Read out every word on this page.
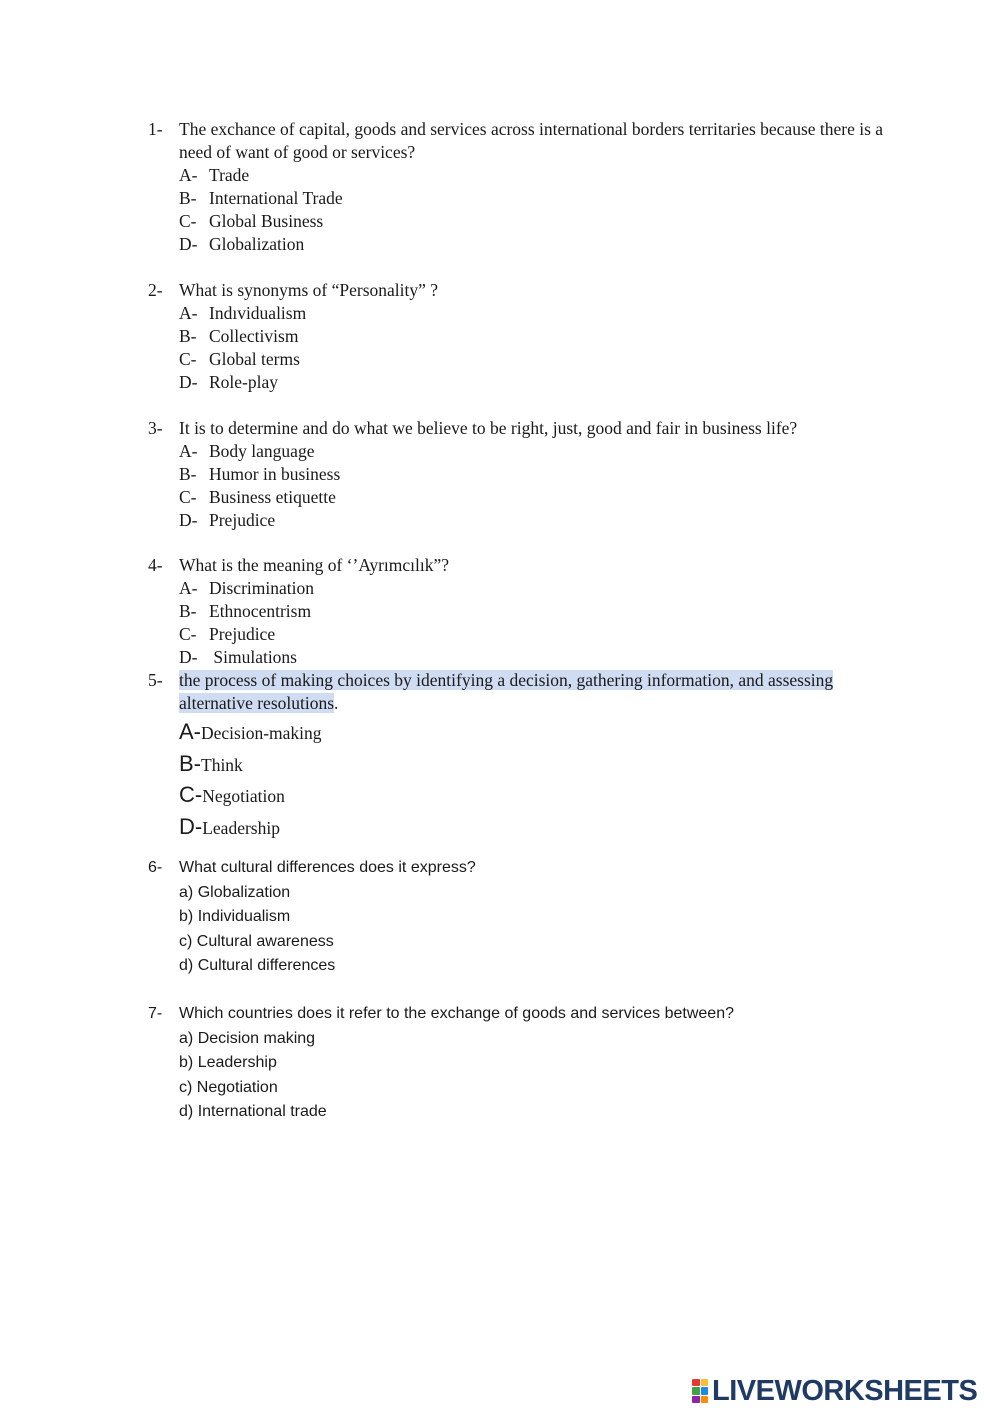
1- The exchance of capital, goods and services across international borders territaries because there is a need of want of good or services?
A- Trade
B- International Trade
C- Global Business
D- Globalization
2- What is synonyms of “Personality” ?
A- Indıvidualism
B- Collectivism
C- Global terms
D- Role-play
3- It is to determine and do what we believe to be right, just, good and fair in business life?
A- Body language
B- Humor in business
C- Business etiquette
D- Prejudice
4- What is the meaning of ‘’Ayrımcılık”?
A- Discrimination
B- Ethnocentrism
C- Prejudice
D- Simulations
5- the process of making choices by identifying a decision, gathering information, and assessing alternative resolutions.
A-Decision-making
B-Think
C-Negotiation
D-Leadership
6- What cultural differences does it express?
a) Globalization
b) Individualism
c) Cultural awareness
d) Cultural differences
7- Which countries does it refer to the exchange of goods and services between?
a) Decision making
b) Leadership
c) Negotiation
d) International trade
LIVEWORKSHEETS
